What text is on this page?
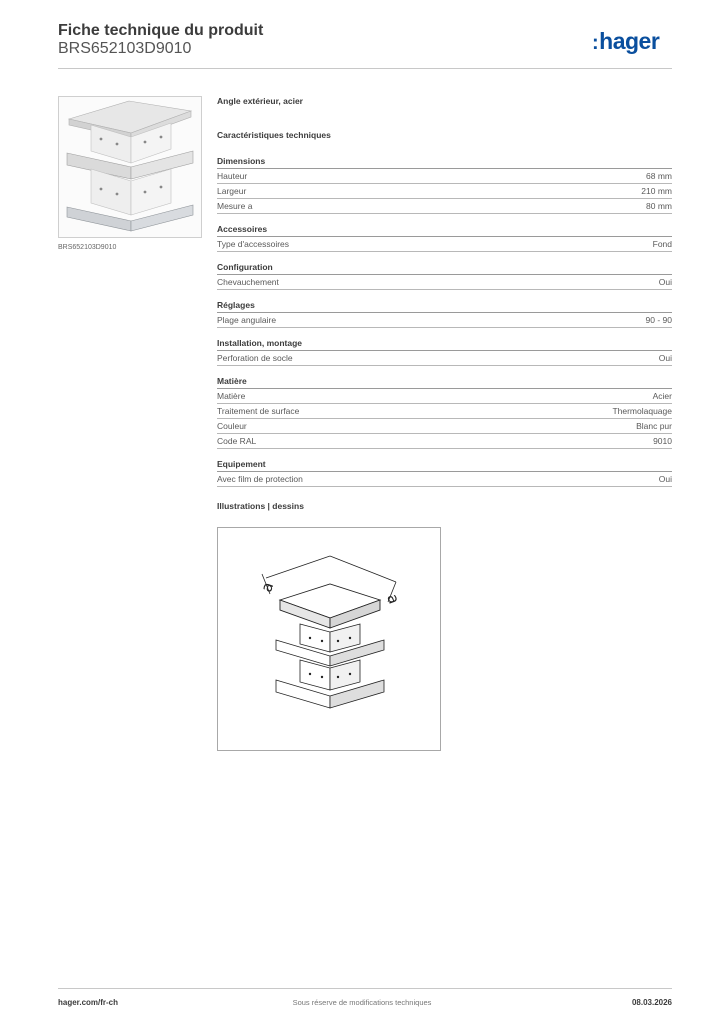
Fiche technique du produit
BRS652103D9010	:hager
BRS652103D9010
Angle extérieur, acier
Caractéristiques techniques
Dimensions
Hauteur	68 mm
Largeur	210 mm
Mesure a	80 mm
Accessoires
Type d'accessoires	Fond
Configuration
Chevauchement	Oui
Réglages
Plage angulaire	90 - 90
Installation, montage
Perforation de socle	Oui
Matière
Matière	Acier
Traitement de surface	Thermolaquage
Couleur	Blanc pur
Code RAL	9010
Equipement
Avec film de protection	Oui
Illustrations | dessins
a
a
hager.com/fr-ch	Sous réserve de modifications techniques	08.03.2026
